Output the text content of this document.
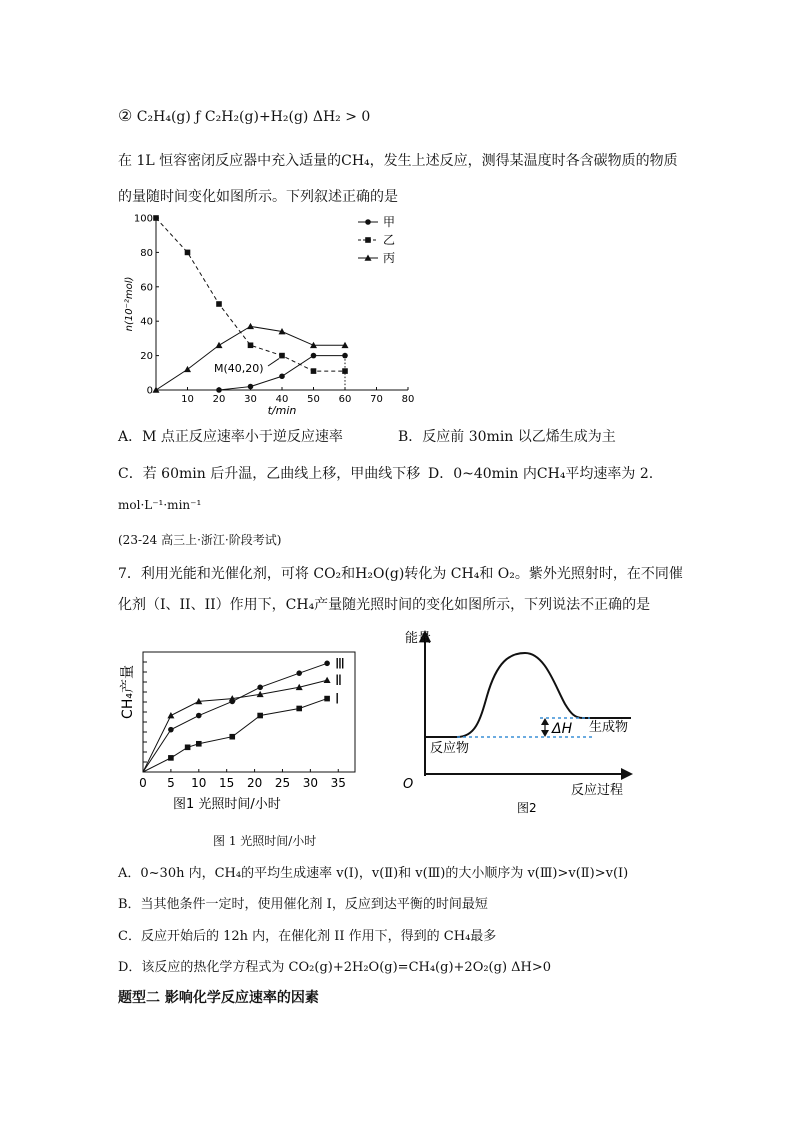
② C₂H₄(g) ƒ C₂H₂(g)+H₂(g) ΔH₂ > 0
在 1L 恒容密闭反应器中充入适量的CH₄，发生上述反应，测得某温度时各含碳物质的物质
的量随时间变化如图所示。下列叙述正确的是
10 20 30 40 50 60 70 80
0
20
40
60
80
100
t/min
n(10⁻²mol)
甲
乙
丙
M(40,20)
A．M 点正反应速率小于逆反应速率	B．反应前 30min 以乙烯生成为主
C．若 60min 后升温，乙曲线上移，甲曲线下移 D．0~40min 内CH₄平均速率为 2.
mol·L⁻¹·min⁻¹
(23-24 高三上·浙江·阶段考试)
7．利用光能和光催化剂，可将 CO₂和H₂O(g)转化为 CH₄和 O₂。紫外光照射时，在不同催
化剂（I、II、II）作用下，CH₄产量随光照时间的变化如图所示，下列说法不正确的是
0 5 10 15 20 25 30 35
CH₄产量
Ⅲ
Ⅱ
Ⅰ
图1 光照时间/小时
能量
O	反应过程
ΔH 生成物
反应物
图2
图 1 光照时间/小时
A．0~30h 内，CH₄的平均生成速率 v(Ⅰ)，v(Ⅱ)和 v(Ⅲ)的大小顺序为 v(Ⅲ)>v(Ⅱ)>v(Ⅰ)
B．当其他条件一定时，使用催化剂 I，反应到达平衡的时间最短
C．反应开始后的 12h 内，在催化剂 II 作用下，得到的 CH₄最多
D．该反应的热化学方程式为 CO₂(g)+2H₂O(g)=CH₄(g)+2O₂(g) ΔH>0
题型二 影响化学反应速率的因素
